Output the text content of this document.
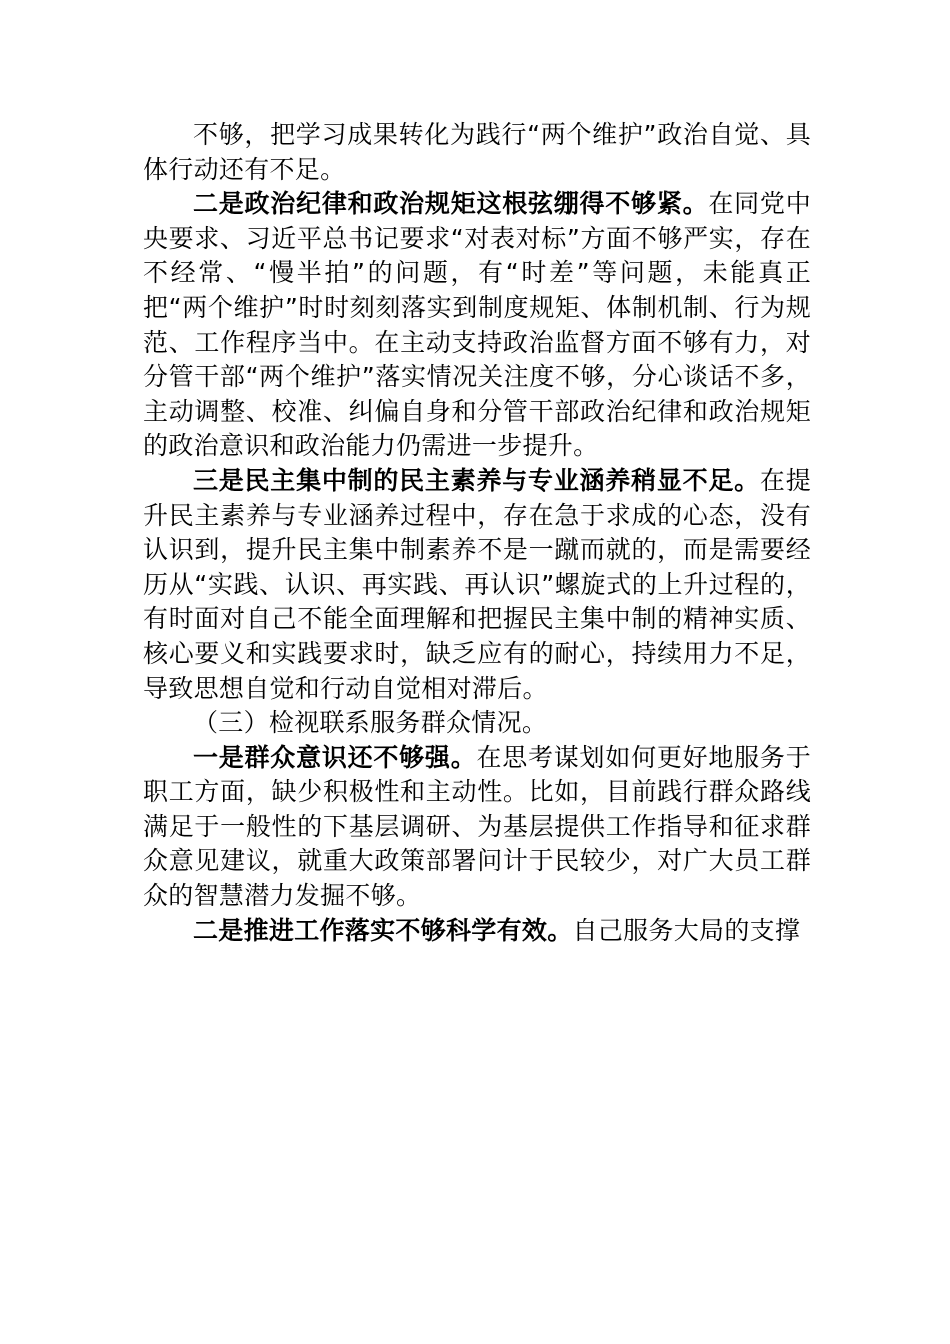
不够，把学习成果转化为践行“两个维护”政治自觉、具体行动还有不足。

二是政治纪律和政治规矩这根弦绷得不够紧。在同党中央要求、习近平总书记要求“对表对标”方面不够严实，存在不经常、“慢半拍”的问题，有“时差”等问题，未能真正把“两个维护”时时刻刻落实到制度规矩、体制机制、行为规范、工作程序当中。在主动支持政治监督方面不够有力，对分管干部“两个维护”落实情况关注度不够，分心谈话不多，主动调整、校准、纠偏自身和分管干部政治纪律和政治规矩的政治意识和政治能力仍需进一步提升。

三是民主集中制的民主素养与专业涵养稍显不足。在提升民主素养与专业涵养过程中，存在急于求成的心态，没有认识到，提升民主集中制素养不是一蹴而就的，而是需要经历从“实践、认识、再实践、再认识”螺旋式的上升过程的，有时面对自己不能全面理解和把握民主集中制的精神实质、核心要义和实践要求时，缺乏应有的耐心，持续用力不足，导致思想自觉和行动自觉相对滞后。

（三）检视联系服务群众情况。

一是群众意识还不够强。在思考谋划如何更好地服务于职工方面，缺少积极性和主动性。比如，目前践行群众路线满足于一般性的下基层调研、为基层提供工作指导和征求群众意见建议，就重大政策部署问计于民较少，对广大员工群众的智慧潜力发掘不够。

二是推进工作落实不够科学有效。自己服务大局的支撑
